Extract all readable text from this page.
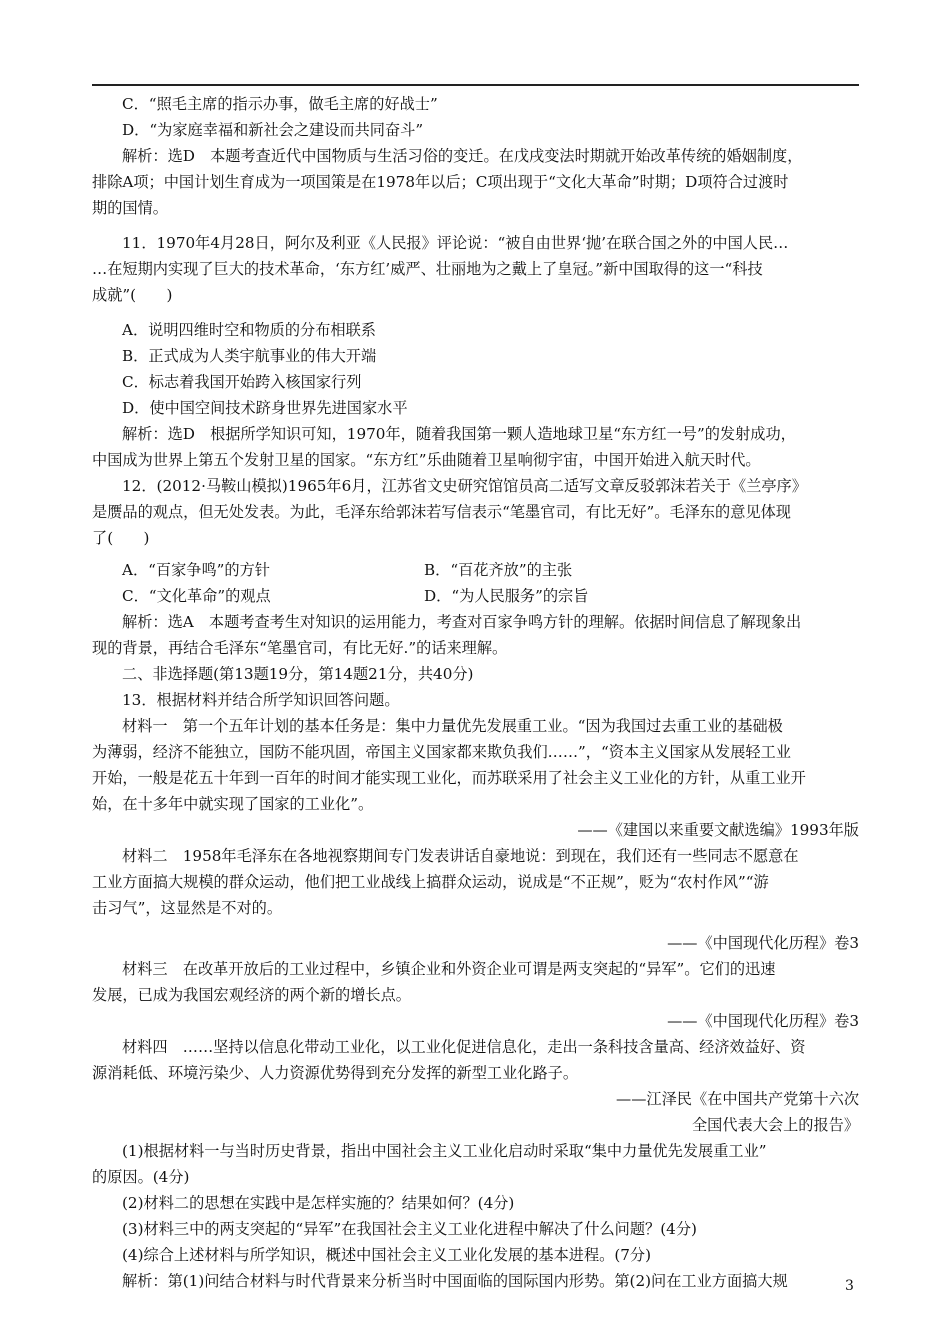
C．“照毛主席的指示办事，做毛主席的好战士”
D．“为家庭幸福和新社会之建设而共同奋斗”
解析：选D　本题考查近代中国物质与生活习俗的变迁。在戊戌变法时期就开始改革传统的婚姻制度，
排除A项；中国计划生育成为一项国策是在1978年以后；C项出现于“文化大革命”时期；D项符合过渡时
期的国情。
11．1970年4月28日，阿尔及利亚《人民报》评论说：“被自由世界‘抛’在联合国之外的中国人民…
…在短期内实现了巨大的技术革命，‘东方红’威严、壮丽地为之戴上了皇冠。”新中国取得的这一“科技
成就”(　　)
A．说明四维时空和物质的分布相联系
B．正式成为人类宇航事业的伟大开端
C．标志着我国开始跨入核国家行列
D．使中国空间技术跻身世界先进国家水平
解析：选D　根据所学知识可知，1970年，随着我国第一颗人造地球卫星“东方红一号”的发射成功，
中国成为世界上第五个发射卫星的国家。“东方红”乐曲随着卫星响彻宇宙，中国开始进入航天时代。
12．(2012·马鞍山模拟)1965年6月，江苏省文史研究馆馆员高二适写文章反驳郭沫若关于《兰亭序》
是赝品的观点，但无处发表。为此，毛泽东给郭沫若写信表示“笔墨官司，有比无好”。毛泽东的意见体现
了(　　)
A．“百家争鸣”的方针	B．“百花齐放”的主张
C．“文化革命”的观点	D．“为人民服务”的宗旨
解析：选A　本题考查考生对知识的运用能力，考查对百家争鸣方针的理解。依据时间信息了解现象出
现的背景，再结合毛泽东“笔墨官司，有比无好.”的话来理解。
二、非选择题(第13题19分，第14题21分，共40分)
13．根据材料并结合所学知识回答问题。
材料一　第一个五年计划的基本任务是：集中力量优先发展重工业。“因为我国过去重工业的基础极
为薄弱，经济不能独立，国防不能巩固，帝国主义国家都来欺负我们……”，“资本主义国家从发展轻工业
开始，一般是花五十年到一百年的时间才能实现工业化，而苏联采用了社会主义工业化的方针，从重工业开
始，在十多年中就实现了国家的工业化”。
——《建国以来重要文献选编》1993年版
材料二　1958年毛泽东在各地视察期间专门发表讲话自豪地说：到现在，我们还有一些同志不愿意在
工业方面搞大规模的群众运动，他们把工业战线上搞群众运动，说成是“不正规”，贬为“农村作风”“游
击习气”，这显然是不对的。
——《中国现代化历程》卷3
材料三　在改革开放后的工业过程中，乡镇企业和外资企业可谓是两支突起的“异军”。它们的迅速
发展，已成为我国宏观经济的两个新的增长点。
——《中国现代化历程》卷3
材料四　……坚持以信息化带动工业化，以工业化促进信息化，走出一条科技含量高、经济效益好、资
源消耗低、环境污染少、人力资源优势得到充分发挥的新型工业化路子。
——江泽民《在中国共产党第十六次
全国代表大会上的报告》
(1)根据材料一与当时历史背景，指出中国社会主义工业化启动时采取“集中力量优先发展重工业”
的原因。(4分)
(2)材料二的思想在实践中是怎样实施的？结果如何？(4分)
(3)材料三中的两支突起的“异军”在我国社会主义工业化进程中解决了什么问题？(4分)
(4)综合上述材料与所学知识，概述中国社会主义工业化发展的基本进程。(7分)
解析：第(1)问结合材料与时代背景来分析当时中国面临的国际国内形势。第(2)问在工业方面搞大规	3
